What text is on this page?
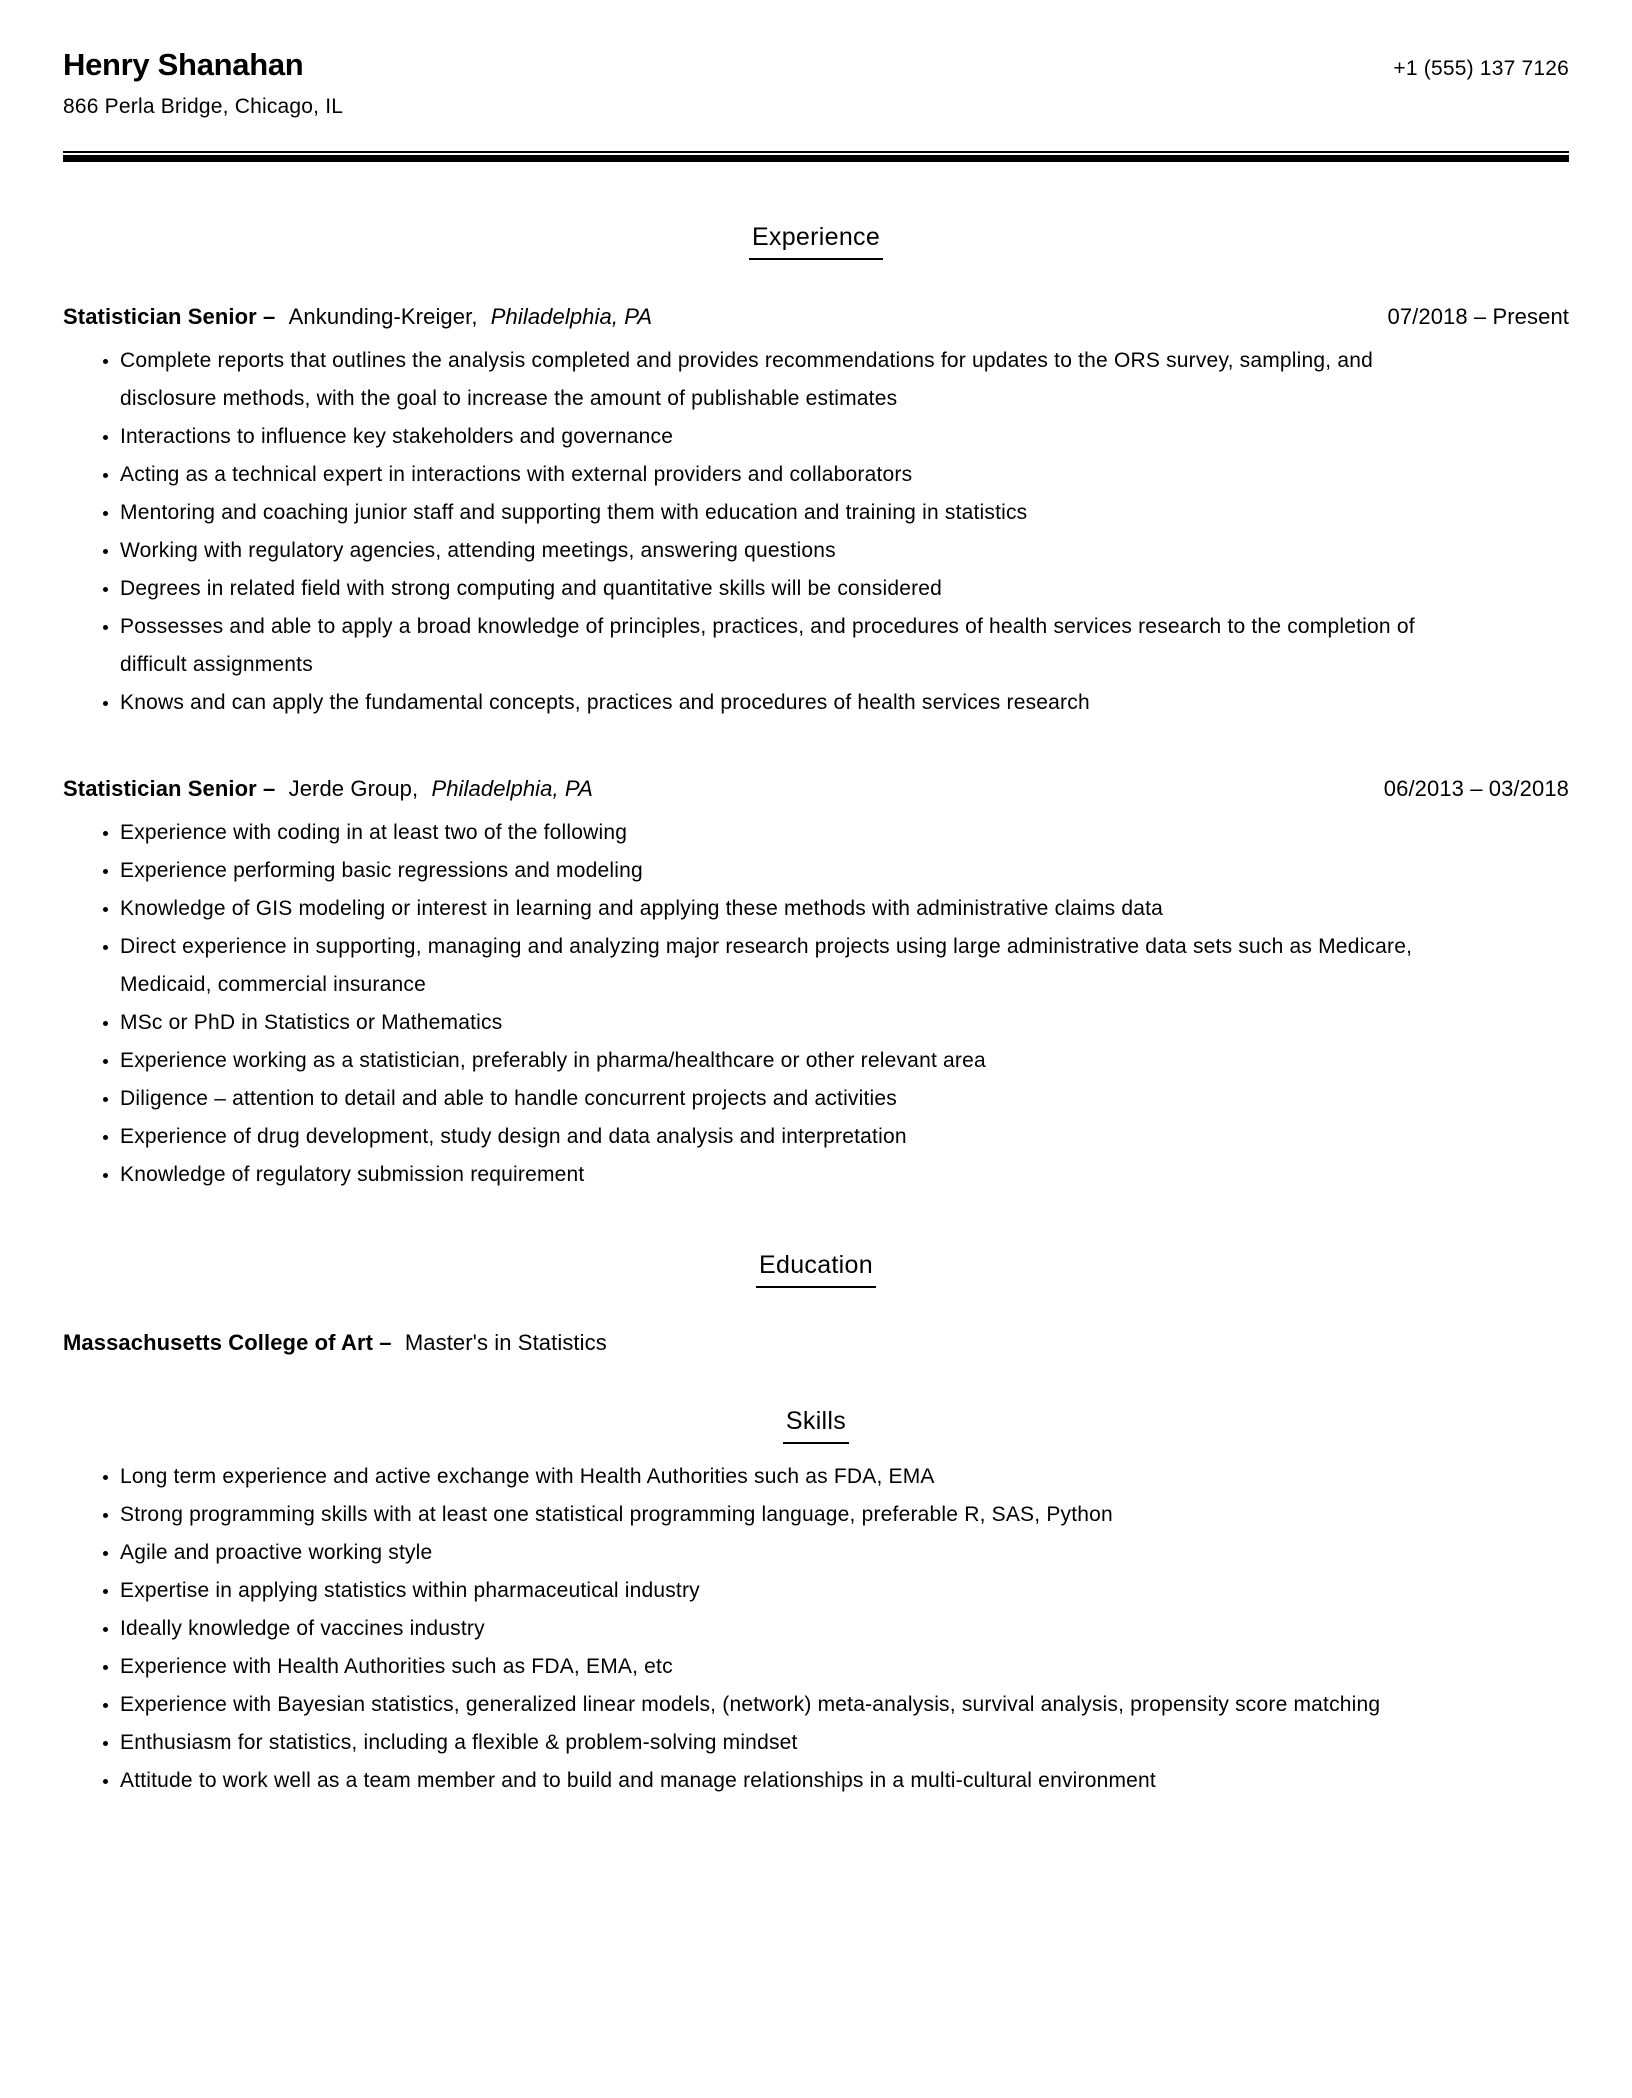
Henry Shanahan	+1 (555) 137 7126
866 Perla Bridge, Chicago, IL
Experience
Statistician Senior – Ankunding-Kreiger, Philadelphia, PA	07/2018 – Present
• Complete reports that outlines the analysis completed and provides recommendations for updates to the ORS survey, sampling, and disclosure methods, with the goal to increase the amount of publishable estimates
• Interactions to influence key stakeholders and governance
• Acting as a technical expert in interactions with external providers and collaborators
• Mentoring and coaching junior staff and supporting them with education and training in statistics
• Working with regulatory agencies, attending meetings, answering questions
• Degrees in related field with strong computing and quantitative skills will be considered
• Possesses and able to apply a broad knowledge of principles, practices, and procedures of health services research to the completion of difficult assignments
• Knows and can apply the fundamental concepts, practices and procedures of health services research
Statistician Senior – Jerde Group, Philadelphia, PA	06/2013 – 03/2018
• Experience with coding in at least two of the following
• Experience performing basic regressions and modeling
• Knowledge of GIS modeling or interest in learning and applying these methods with administrative claims data
• Direct experience in supporting, managing and analyzing major research projects using large administrative data sets such as Medicare, Medicaid, commercial insurance
• MSc or PhD in Statistics or Mathematics
• Experience working as a statistician, preferably in pharma/healthcare or other relevant area
• Diligence – attention to detail and able to handle concurrent projects and activities
• Experience of drug development, study design and data analysis and interpretation
• Knowledge of regulatory submission requirement
Education
Massachusetts College of Art – Master's in Statistics
Skills
• Long term experience and active exchange with Health Authorities such as FDA, EMA
• Strong programming skills with at least one statistical programming language, preferable R, SAS, Python
• Agile and proactive working style
• Expertise in applying statistics within pharmaceutical industry
• Ideally knowledge of vaccines industry
• Experience with Health Authorities such as FDA, EMA, etc
• Experience with Bayesian statistics, generalized linear models, (network) meta-analysis, survival analysis, propensity score matching
• Enthusiasm for statistics, including a flexible & problem-solving mindset
• Attitude to work well as a team member and to build and manage relationships in a multi-cultural environment
